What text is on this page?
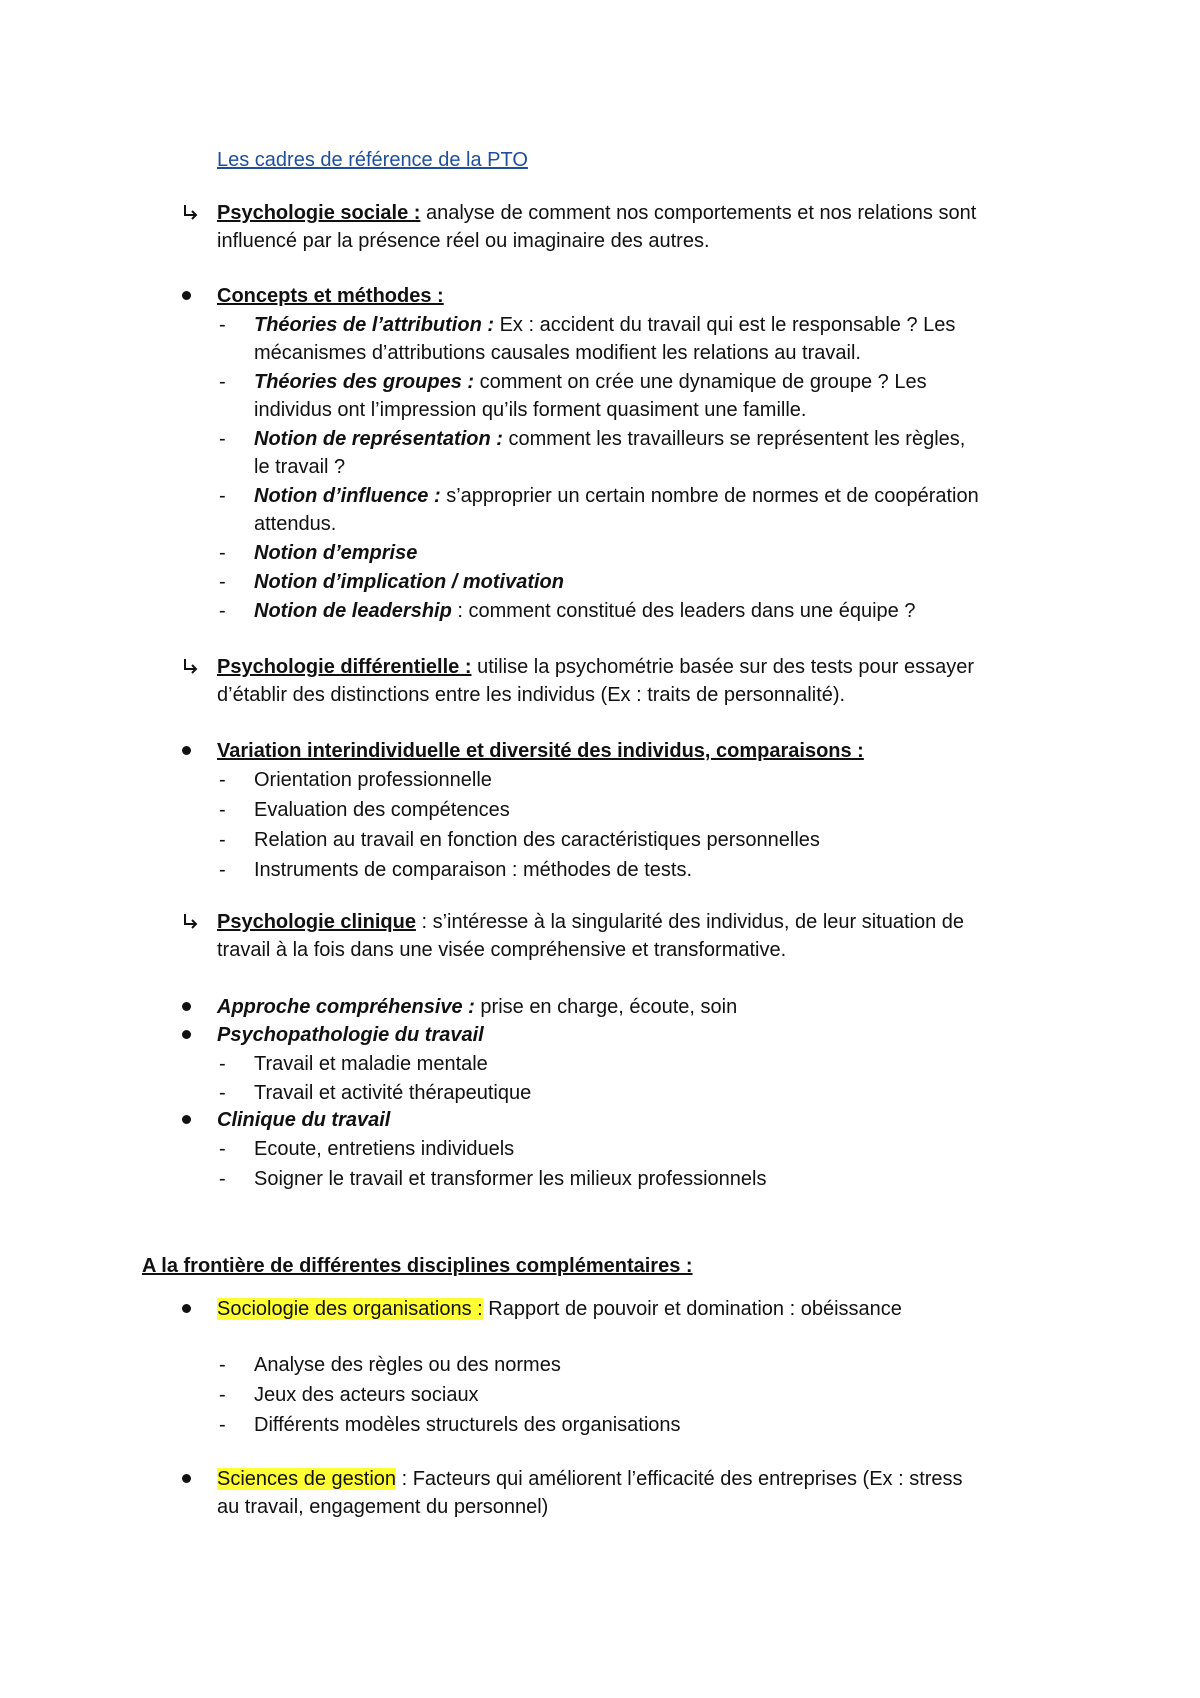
Les cadres de référence de la PTO
Psychologie sociale : analyse de comment nos comportements et nos relations sont
influencé par la présence réel ou imaginaire des autres.
Concepts et méthodes :
- Théories de l’attribution : Ex : accident du travail qui est le responsable ? Les
mécanismes d’attributions causales modifient les relations au travail.
- Théories des groupes : comment on crée une dynamique de groupe ? Les
individus ont l’impression qu’ils forment quasiment une famille.
- Notion de représentation : comment les travailleurs se représentent les règles,
le travail ?
- Notion d’influence : s’approprier un certain nombre de normes et de coopération
attendus.
- Notion d’emprise
- Notion d’implication / motivation
- Notion de leadership : comment constitué des leaders dans une équipe ?
Psychologie différentielle : utilise la psychométrie basée sur des tests pour essayer
d’établir des distinctions entre les individus (Ex : traits de personnalité).
Variation interindividuelle et diversité des individus, comparaisons :
- Orientation professionnelle
- Evaluation des compétences
- Relation au travail en fonction des caractéristiques personnelles
- Instruments de comparaison : méthodes de tests.
Psychologie clinique : s’intéresse à la singularité des individus, de leur situation de
travail à la fois dans une visée compréhensive et transformative.
Approche compréhensive : prise en charge, écoute, soin
Psychopathologie du travail
- Travail et maladie mentale
- Travail et activité thérapeutique
Clinique du travail
- Ecoute, entretiens individuels
- Soigner le travail et transformer les milieux professionnels
A la frontière de différentes disciplines complémentaires :
Sociologie des organisations : Rapport de pouvoir et domination : obéissance
- Analyse des règles ou des normes
- Jeux des acteurs sociaux
- Différents modèles structurels des organisations
Sciences de gestion : Facteurs qui améliorent l’efficacité des entreprises (Ex : stress
au travail, engagement du personnel)
